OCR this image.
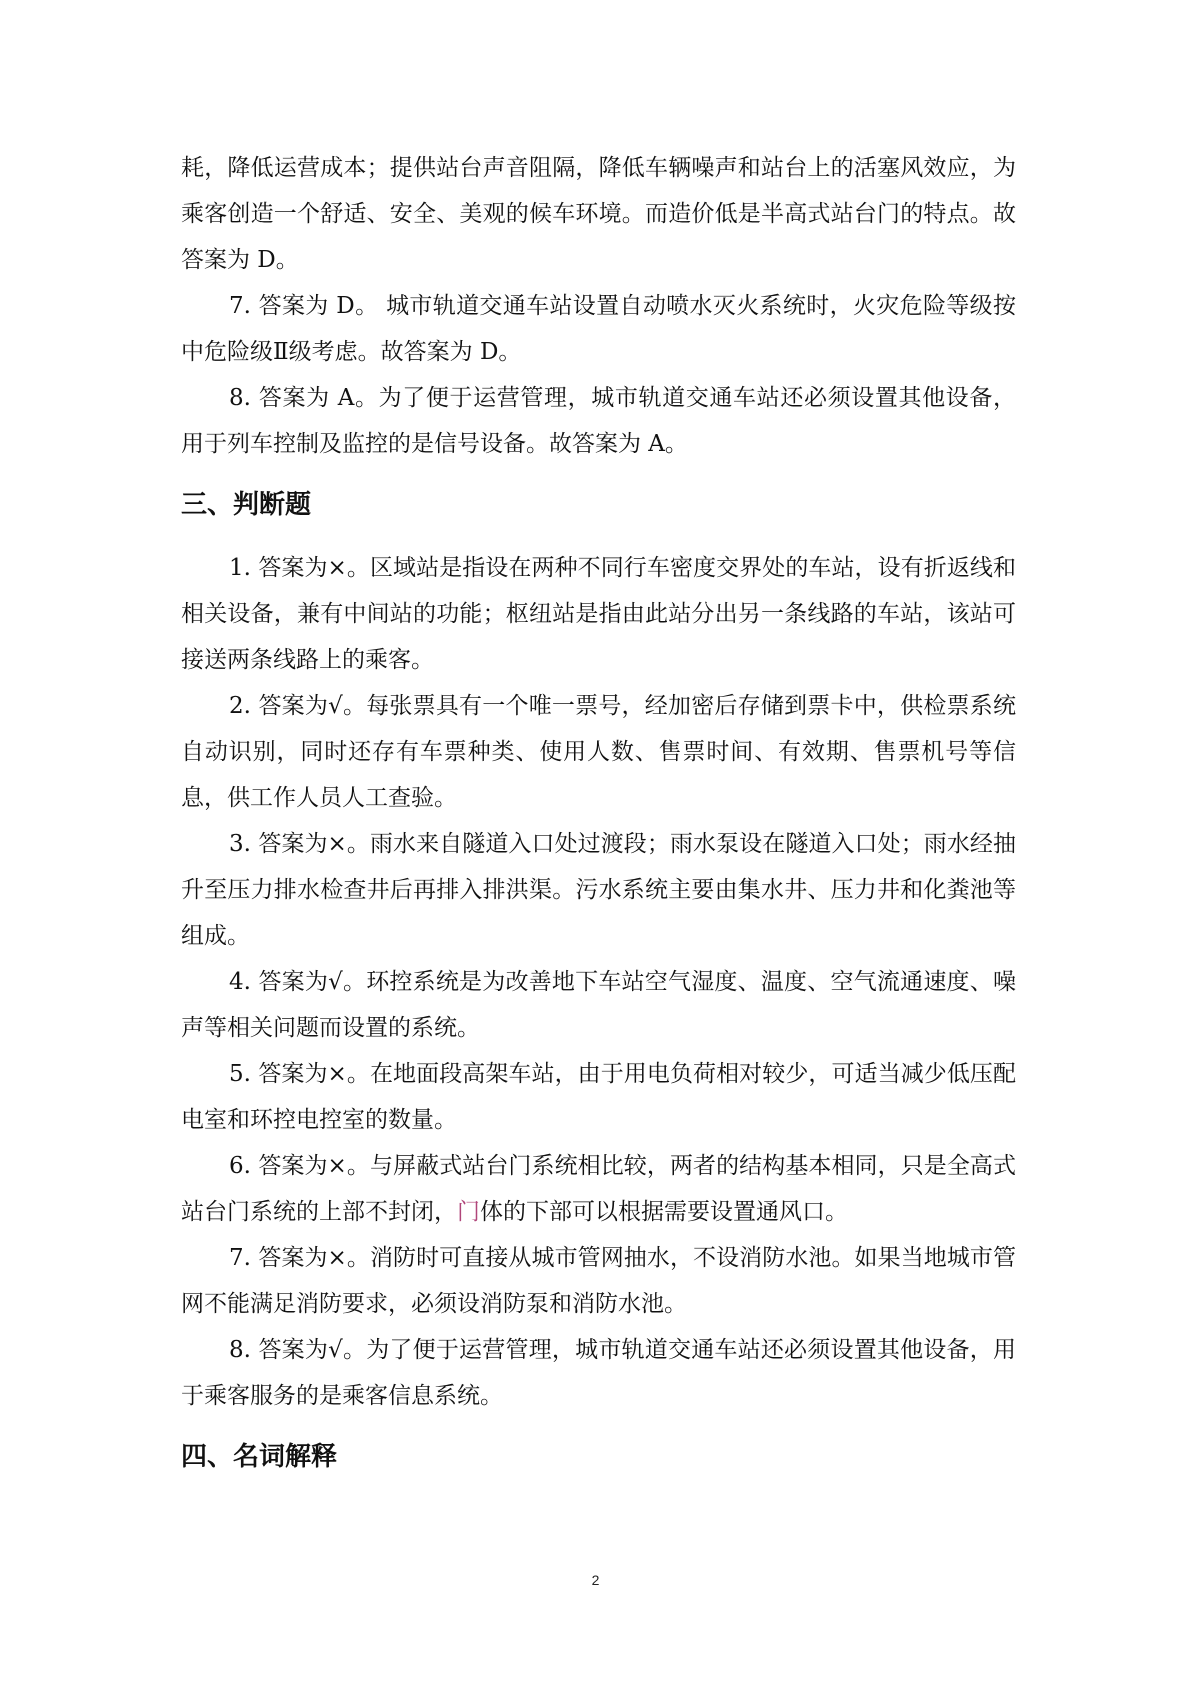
耗，降低运营成本；提供站台声音阻隔，降低车辆噪声和站台上的活塞风效应，为乘客创造一个舒适、安全、美观的候车环境。而造价低是半高式站台门的特点。故答案为 D。

7. 答案为 D。 城市轨道交通车站设置自动喷水灭火系统时，火灾危险等级按中危险级Ⅱ级考虑。故答案为 D。

8. 答案为 A。为了便于运营管理，城市轨道交通车站还必须设置其他设备，用于列车控制及监控的是信号设备。故答案为 A。

三、判断题

1. 答案为×。区域站是指设在两种不同行车密度交界处的车站，设有折返线和相关设备，兼有中间站的功能；枢纽站是指由此站分出另一条线路的车站，该站可接送两条线路上的乘客。

2. 答案为√。每张票具有一个唯一票号，经加密后存储到票卡中，供检票系统自动识别，同时还存有车票种类、使用人数、售票时间、有效期、售票机号等信息，供工作人员人工查验。

3. 答案为×。雨水来自隧道入口处过渡段；雨水泵设在隧道入口处；雨水经抽升至压力排水检查井后再排入排洪渠。污水系统主要由集水井、压力井和化粪池等组成。

4. 答案为√。环控系统是为改善地下车站空气湿度、温度、空气流通速度、噪声等相关问题而设置的系统。

5. 答案为×。在地面段高架车站，由于用电负荷相对较少，可适当减少低压配电室和环控电控室的数量。

6. 答案为×。与屏蔽式站台门系统相比较，两者的结构基本相同，只是全高式站台门系统的上部不封闭，门体的下部可以根据需要设置通风口。

7. 答案为×。消防时可直接从城市管网抽水，不设消防水池。如果当地城市管网不能满足消防要求，必须设消防泵和消防水池。

8. 答案为√。为了便于运营管理，城市轨道交通车站还必须设置其他设备，用于乘客服务的是乘客信息系统。

四、名词解释
2
